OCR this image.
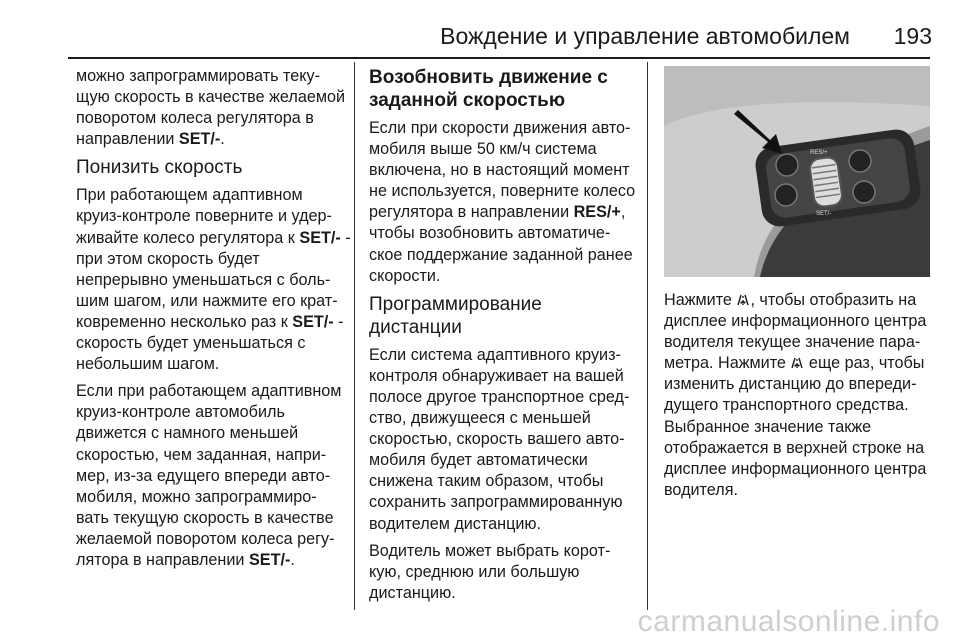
Вождение и управление автомобилем	193

можно запрограммировать теку- щую скорость в качестве желаемой поворотом колеса регулятора в направлении SET/-.

Понизить скорость

При работающем адаптивном круиз-контроле поверните и удер- живайте колесо регулятора к SET/- - при этом скорость будет непрерывно уменьшаться с боль- шим шагом, или нажмите его крат- ковременно несколько раз к SET/- - скорость будет уменьшаться с небольшим шагом.

Если при работающем адаптивном круиз-контроле автомобиль движется с намного меньшей скоростью, чем заданная, напри- мер, из-за едущего впереди авто- мобиля, можно запрограммиро- вать текущую скорость в качестве желаемой поворотом колеса регу- лятора в направлении SET/-.

Возобновить движение с заданной скоростью

Если при скорости движения авто- мобиля выше 50 км/ч система включена, но в настоящий момент не используется, поверните колесо регулятора в направлении RES/+, чтобы возобновить автоматиче- ское поддержание заданной ранее скорости.

Программирование дистанции

Если система адаптивного круиз- контроля обнаруживает на вашей полосе другое транспортное сред- ство, движущееся с меньшей скоростью, скорость вашего авто- мобиля будет автоматически снижена таким образом, чтобы сохранить запрограммированную водителем дистанцию.

Водитель может выбрать корот- кую, среднюю или большую дистанцию.

RES/+
SET/-

Нажмите , чтобы отобразить на дисплее информационного центра водителя текущее значение пара- метра. Нажмите  еще раз, чтобы изменить дистанцию до впереди- дущего транспортного средства. Выбранное значение также отображается в верхней строке на дисплее информационного центра водителя.

carmanualsonline.info
